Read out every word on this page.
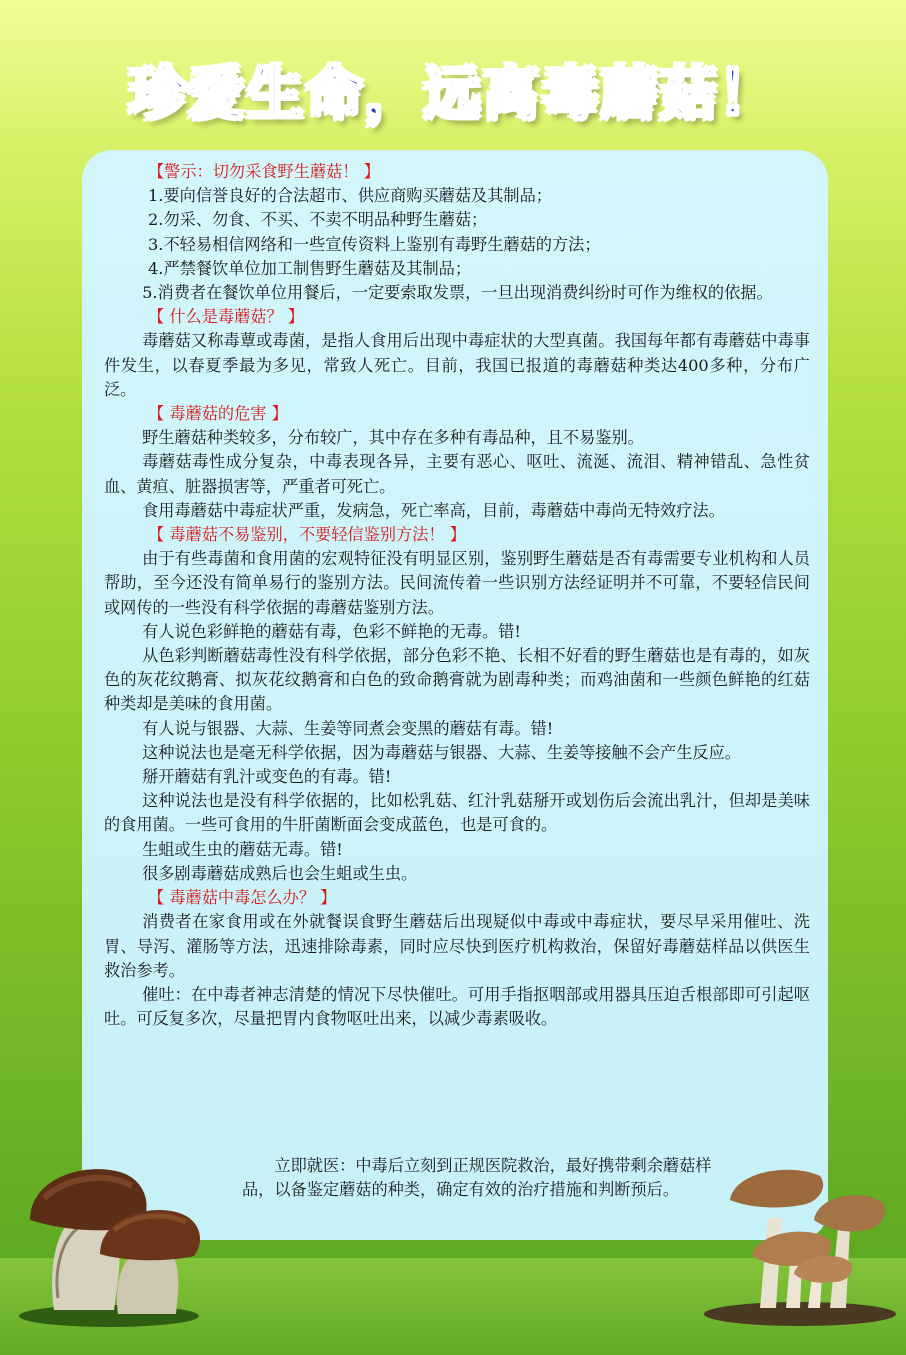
珍爱生命，远离毒蘑菇！

【警示：切勿采食野生蘑菇！ 】

1.要向信誉良好的合法超市、供应商购买蘑菇及其制品；

2.勿采、勿食、不买、不卖不明品种野生蘑菇；

3.不轻易相信网络和一些宣传资料上鉴别有毒野生蘑菇的方法；

4.严禁餐饮单位加工制售野生蘑菇及其制品；

5.消费者在餐饮单位用餐后，一定要索取发票，一旦出现消费纠纷时可作为维权的依据。

【 什么是毒蘑菇？ 】

毒蘑菇又称毒蕈或毒菌，是指人食用后出现中毒症状的大型真菌。我国每年都有毒蘑菇中毒事件发生，以春夏季最为多见，常致人死亡。目前，我国已报道的毒蘑菇种类达400多种，分布广泛。

【 毒蘑菇的危害 】

野生蘑菇种类较多，分布较广，其中存在多种有毒品种，且不易鉴别。

毒蘑菇毒性成分复杂，中毒表现各异，主要有恶心、呕吐、流涎、流泪、精神错乱、急性贫血、黄疸、脏器损害等，严重者可死亡。

食用毒蘑菇中毒症状严重，发病急，死亡率高，目前，毒蘑菇中毒尚无特效疗法。

【 毒蘑菇不易鉴别，不要轻信鉴别方法！ 】

由于有些毒菌和食用菌的宏观特征没有明显区别，鉴别野生蘑菇是否有毒需要专业机构和人员帮助，至今还没有简单易行的鉴别方法。民间流传着一些识别方法经证明并不可靠，不要轻信民间或网传的一些没有科学依据的毒蘑菇鉴别方法。

有人说色彩鲜艳的蘑菇有毒，色彩不鲜艳的无毒。错!

从色彩判断蘑菇毒性没有科学依据，部分色彩不艳、长相不好看的野生蘑菇也是有毒的，如灰色的灰花纹鹅膏、拟灰花纹鹅膏和白色的致命鹅膏就为剧毒种类；而鸡油菌和一些颜色鲜艳的红菇种类却是美味的食用菌。

有人说与银器、大蒜、生姜等同煮会变黑的蘑菇有毒。错!

这种说法也是毫无科学依据，因为毒蘑菇与银器、大蒜、生姜等接触不会产生反应。

掰开蘑菇有乳汁或变色的有毒。错!

这种说法也是没有科学依据的，比如松乳菇、红汁乳菇掰开或划伤后会流出乳汁，但却是美味的食用菌。一些可食用的牛肝菌断面会变成蓝色，也是可食的。

生蛆或生虫的蘑菇无毒。错!

很多剧毒蘑菇成熟后也会生蛆或生虫。

【 毒蘑菇中毒怎么办？ 】

消费者在家食用或在外就餐误食野生蘑菇后出现疑似中毒或中毒症状，要尽早采用催吐、洗胃、导泻、灌肠等方法，迅速排除毒素，同时应尽快到医疗机构救治，保留好毒蘑菇样品以供医生救治参考。

催吐：在中毒者神志清楚的情况下尽快催吐。可用手指抠咽部或用器具压迫舌根部即可引起呕吐。可反复多次，尽量把胃内食物呕吐出来，以减少毒素吸收。

立即就医：中毒后立刻到正规医院救治，最好携带剩余蘑菇样品，以备鉴定蘑菇的种类，确定有效的治疗措施和判断预后。
